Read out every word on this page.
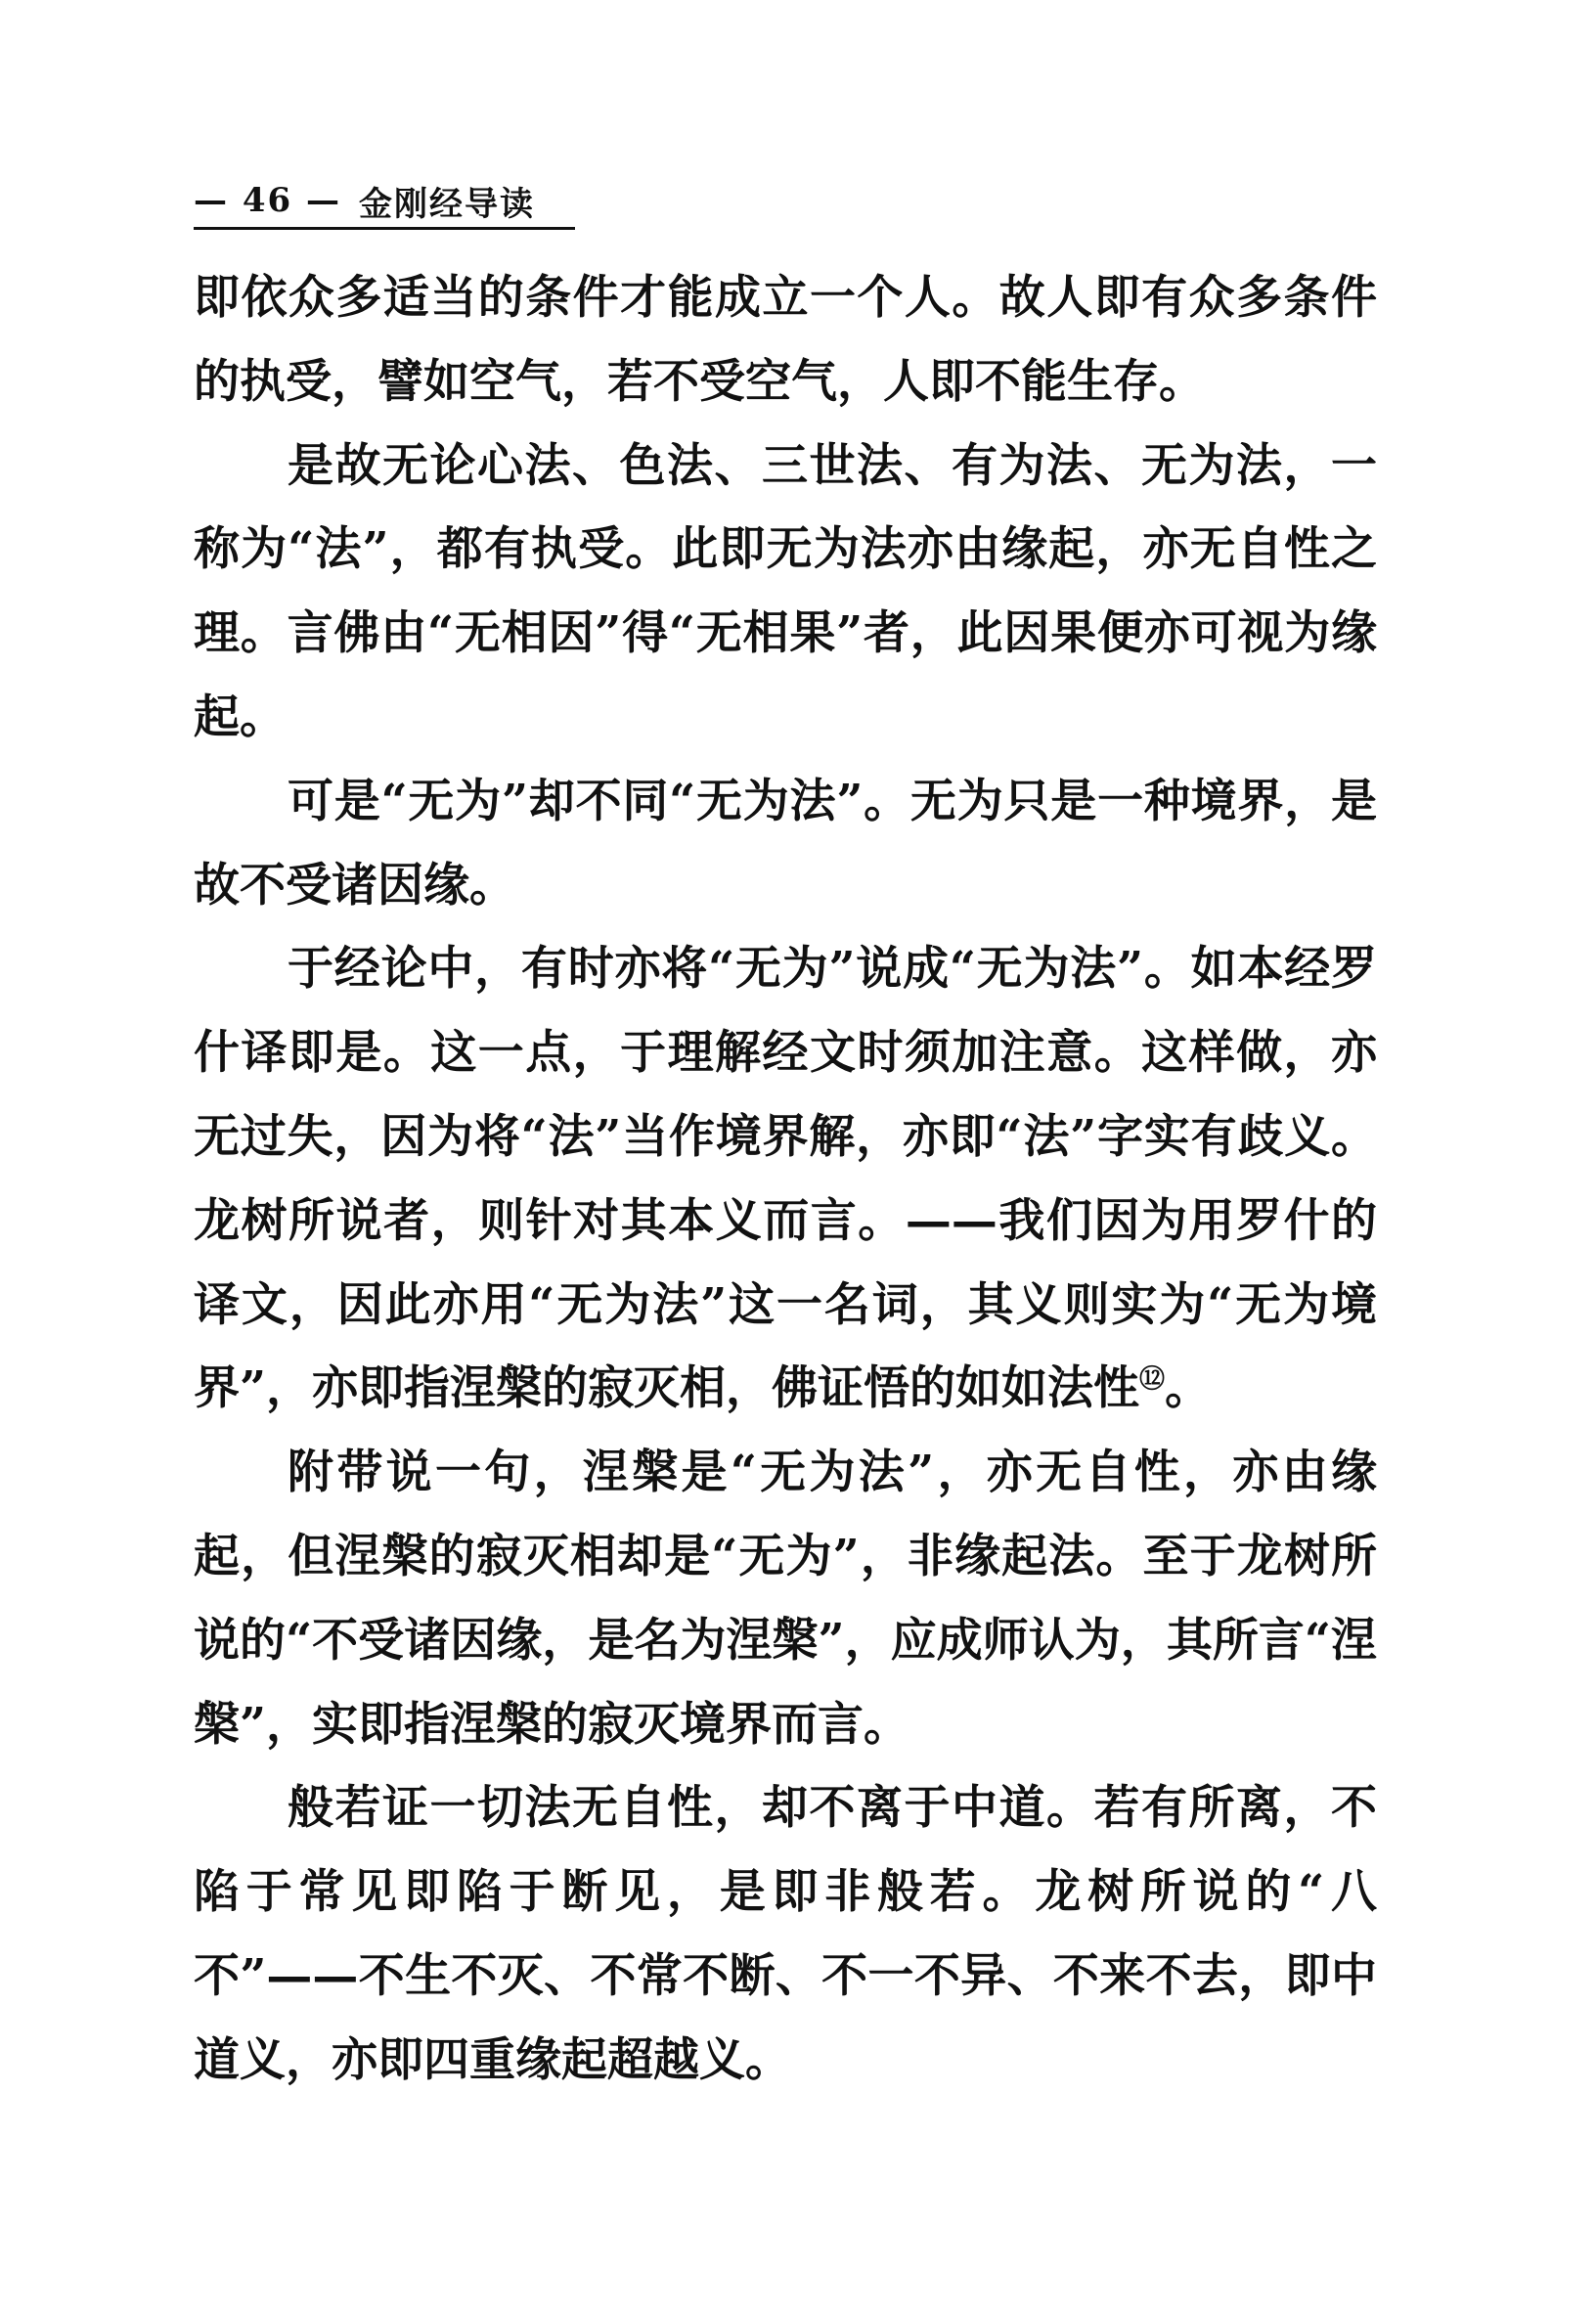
— 46 — 金刚经导读

即依众多适当的条件才能成立一个人。故人即有众多条件的执受，譬如空气，若不受空气，人即不能生存。

是故无论心法、色法、三世法、有为法、无为法，一称为“法”，都有执受。此即无为法亦由缘起，亦无自性之理。言佛由“无相因”得“无相果”者，此因果便亦可视为缘起。

可是“无为”却不同“无为法”。无为只是一种境界，是故不受诸因缘。

于经论中，有时亦将“无为”说成“无为法”。如本经罗什译即是。这一点，于理解经文时须加注意。这样做，亦无过失，因为将“法”当作境界解，亦即“法”字实有歧义。龙树所说者，则针对其本义而言。——我们因为用罗什的译文，因此亦用“无为法”这一名词，其义则实为“无为境界”，亦即指涅槃的寂灭相，佛证悟的如如法性⑫。

附带说一句，涅槃是“无为法”，亦无自性，亦由缘起，但涅槃的寂灭相却是“无为”，非缘起法。至于龙树所说的“不受诸因缘，是名为涅槃”，应成师认为，其所言“涅槃”，实即指涅槃的寂灭境界而言。

般若证一切法无自性，却不离于中道。若有所离，不陷于常见即陷于断见，是即非般若。龙树所说的“八不”——不生不灭、不常不断、不一不异、不来不去，即中道义，亦即四重缘起超越义。
